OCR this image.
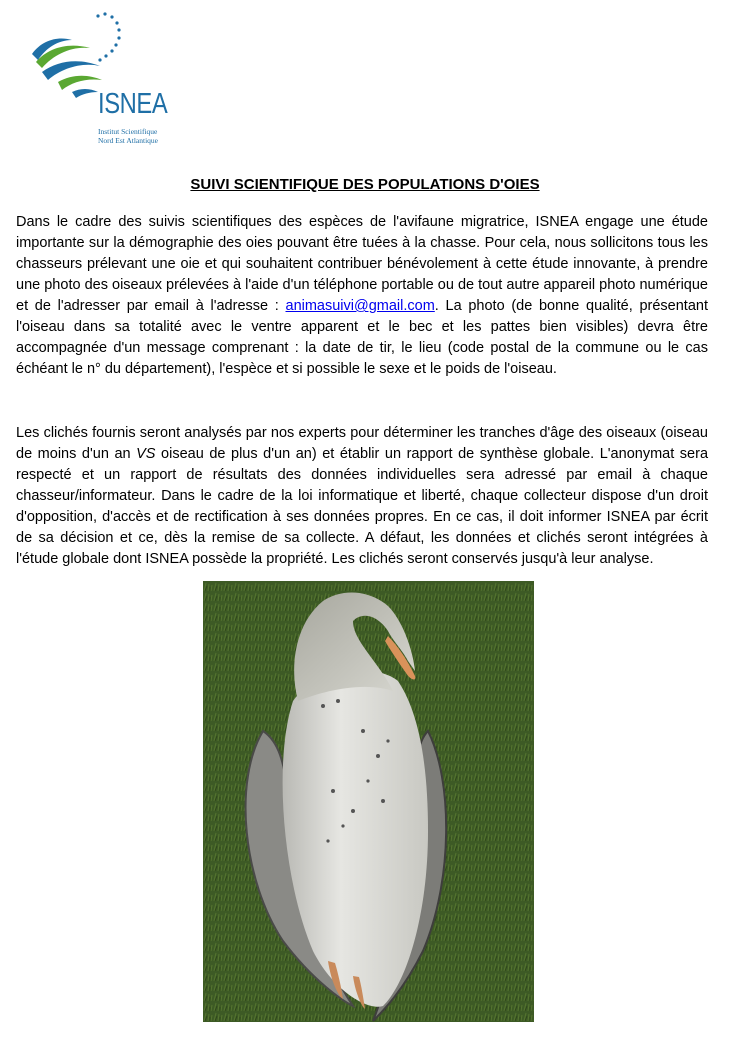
ISNEA
Institut Scientifique
Nord Est Atlantique
SUIVI SCIENTIFIQUE DES POPULATIONS D'OIES

Dans le cadre des suivis scientifiques des espèces de l'avifaune migratrice, ISNEA engage une étude importante sur la démographie des oies pouvant être tuées à la chasse. Pour cela, nous sollicitons tous les chasseurs prélevant une oie et qui souhaitent contribuer bénévolement à cette étude innovante, à prendre une photo des oiseaux prélevées à l'aide d'un téléphone portable ou de tout autre appareil photo numérique et de l'adresser par email à l'adresse : animasuivi@gmail.com. La photo (de bonne qualité, présentant l'oiseau dans sa totalité avec le ventre apparent et le bec et les pattes bien visibles) devra être accompagnée d'un message comprenant : la date de tir, le lieu (code postal de la commune ou le cas échéant le n° du département), l'espèce et si possible le sexe et le poids de l'oiseau.

Les clichés fournis seront analysés par nos experts pour déterminer les tranches d'âge des oiseaux (oiseau de moins d'un an VS oiseau de plus d'un an) et établir un rapport de synthèse globale. L'anonymat sera respecté et un rapport de résultats des données individuelles sera adressé par email à chaque chasseur/informateur. Dans le cadre de la loi informatique et liberté, chaque collecteur dispose d'un droit d'opposition, d'accès et de rectification à ses données propres. En ce cas, il doit informer ISNEA par écrit de sa décision et ce, dès la remise de sa collecte. A défaut, les données et clichés seront intégrées à l'étude globale dont ISNEA possède la propriété. Les clichés seront conservés jusqu'à leur analyse.
